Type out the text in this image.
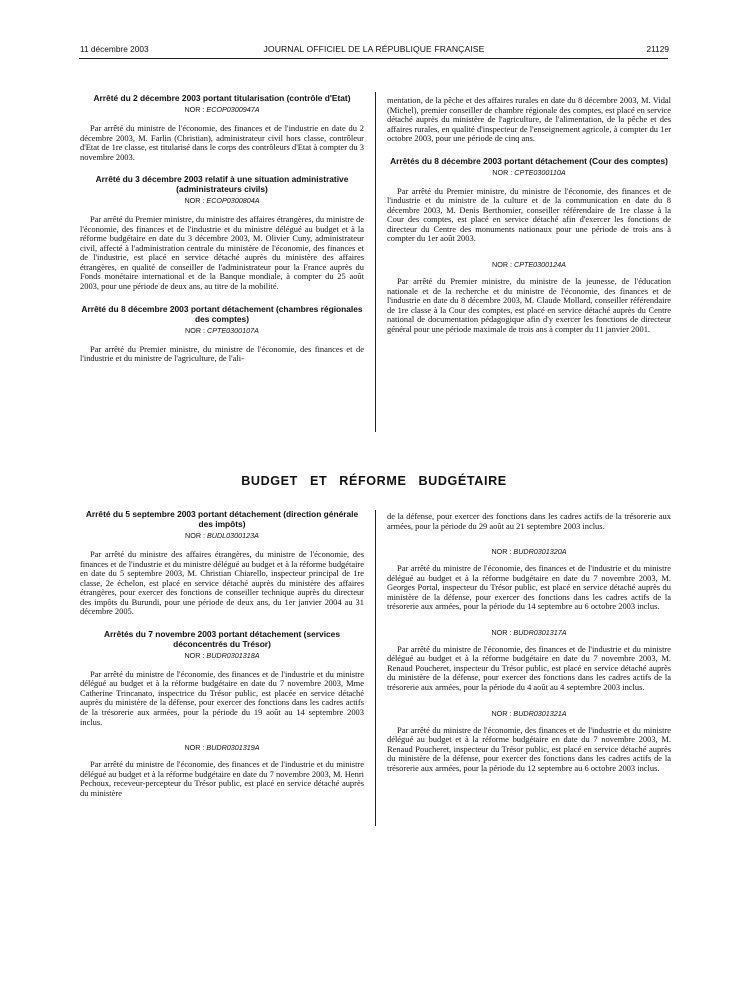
JOURNAL OFFICIEL DE LA RÉPUBLIQUE FRANÇAISE
11 décembre 2003	21129
Arrêté du 2 décembre 2003 portant titularisation (contrôle d'Etat)
NOR : ECOP0300947A

Par arrêté du ministre de l'économie, des finances et de l'industrie en date du 2 décembre 2003, M. Farlin (Christian), administrateur civil hors classe, contrôleur d'Etat de 1re classe, est titularisé dans le corps des contrôleurs d'Etat à compter du 3 novembre 2003.

Arrêté du 3 décembre 2003 relatif à une situation administrative (administrateurs civils)
NOR : ECOP0300804A

Par arrêté du Premier ministre, du ministre des affaires étrangères, du ministre de l'économie, des finances et de l'industrie et du ministre délégué au budget et à la réforme budgétaire en date du 3 décembre 2003, M. Olivier Cuny, administrateur civil, affecté à l'administration centrale du ministère de l'économie, des finances et de l'industrie, est placé en service détaché auprès du ministère des affaires étrangères, en qualité de conseiller de l'administrateur pour la France auprès du Fonds monétaire international et de la Banque mondiale, à compter du 25 août 2003, pour une période de deux ans, au titre de la mobilité.

Arrêté du 8 décembre 2003 portant détachement (chambres régionales des comptes)
NOR : CPTE0300107A

Par arrêté du Premier ministre, du ministre de l'économie, des finances et de l'industrie et du ministre de l'agriculture, de l'ali-

mentation, de la pêche et des affaires rurales en date du 8 décembre 2003, M. Vidal (Michel), premier conseiller de chambre régionale des comptes, est placé en service détaché auprès du ministère de l'agriculture, de l'alimentation, de la pêche et des affaires rurales, en qualité d'inspecteur de l'enseignement agricole, à compter du 1er octobre 2003, pour une période de cinq ans.

Arrêtés du 8 décembre 2003 portant détachement (Cour des comptes)
NOR : CPTE0300110A

Par arrêté du Premier ministre, du ministre de l'économie, des finances et de l'industrie et du ministre de la culture et de la communication en date du 8 décembre 2003, M. Denis Berthomier, conseiller référendaire de 1re classe à la Cour des comptes, est placé en service détaché afin d'exercer les fonctions de directeur du Centre des monuments nationaux pour une période de trois ans à compter du 1er août 2003.

NOR : CPTE0300124A

Par arrêté du Premier ministre, du ministre de la jeunesse, de l'éducation nationale et de la recherche et du ministre de l'économie, des finances et de l'industrie en date du 8 décembre 2003, M. Claude Mollard, conseiller référendaire de 1re classe à la Cour des comptes, est placé en service détaché auprès du Centre national de documentation pédagogique afin d'y exercer les fonctions de directeur général pour une période maximale de trois ans à compter du 11 janvier 2001.

BUDGET ET RÉFORME BUDGÉTAIRE
Arrêté du 5 septembre 2003 portant détachement (direction générale des impôts)
NOR : BUDL0300123A

Par arrêté du ministre des affaires étrangères, du ministre de l'économie, des finances et de l'industrie et du ministre délégué au budget et à la réforme budgétaire en date du 5 septembre 2003, M. Christian Chiarello, inspecteur principal de 1re classe, 2e échelon, est placé en service détaché auprès du ministère des affaires étrangères, pour exercer des fonctions de conseiller technique auprès du directeur des impôts du Burundi, pour une période de deux ans, du 1er janvier 2004 au 31 décembre 2005.

Arrêtés du 7 novembre 2003 portant détachement (services déconcentrés du Trésor)
NOR : BUDR0301318A

Par arrêté du ministre de l'économie, des finances et de l'industrie et du ministre délégué au budget et à la réforme budgétaire en date du 7 novembre 2003, Mme Catherine Trincanato, inspectrice du Trésor public, est placée en service détaché auprès du ministère de la défense, pour exercer des fonctions dans les cadres actifs de la trésorerie aux armées, pour la période du 19 août au 14 septembre 2003 inclus.

NOR : BUDR0301319A

Par arrêté du ministre de l'économie, des finances et de l'industrie et du ministre délégué au budget et à la réforme budgétaire en date du 7 novembre 2003, M. Henri Pechoux, receveur-percepteur du Trésor public, est placé en service détaché auprès du ministère

de la défense, pour exercer des fonctions dans les cadres actifs de la trésorerie aux armées, pour la période du 29 août au 21 septembre 2003 inclus.

NOR : BUDR0301320A

Par arrêté du ministre de l'économie, des finances et de l'industrie et du ministre délégué au budget et à la réforme budgétaire en date du 7 novembre 2003, M. Georges Portal, inspecteur du Trésor public, est placé en service détaché auprès du ministère de la défense, pour exercer des fonctions dans les cadres actifs de la trésorerie aux armées, pour la période du 14 septembre au 6 octobre 2003 inclus.

NOR : BUDR0301317A

Par arrêté du ministre de l'économie, des finances et de l'industrie et du ministre délégué au budget et à la réforme budgétaire en date du 7 novembre 2003, M. Renaud Poucheret, inspecteur du Trésor public, est placé en service détaché auprès du ministère de la défense, pour exercer des fonctions dans les cadres actifs de la trésorerie aux armées, pour la période du 4 août au 4 septembre 2003 inclus.

NOR : BUDR0301321A

Par arrêté du ministre de l'économie, des finances et de l'industrie et du ministre délégué au budget et à la réforme budgétaire en date du 7 novembre 2003, M. Renaud Poucheret, inspecteur du Trésor public, est placé en service détaché auprès du ministère de la défense, pour exercer des fonctions dans les cadres actifs de la trésorerie aux armées, pour la période du 12 septembre au 6 octobre 2003 inclus.
